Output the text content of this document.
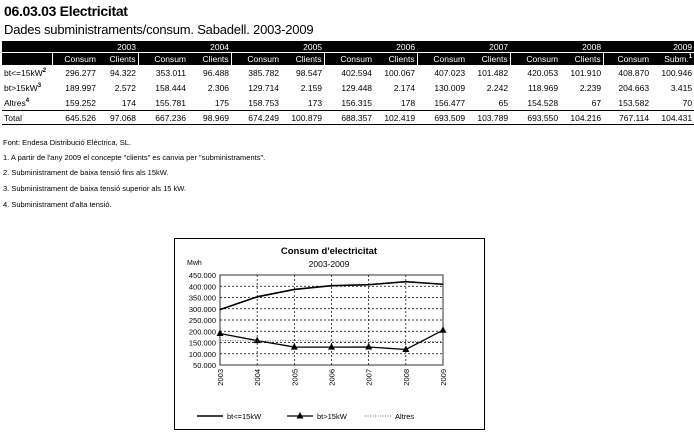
06.03.03 Electricitat
Dades subministraments/consum. Sabadell. 2003-2009
	2003		2004		2005		2006		2007		2008		2009	
	Consum	Clients	Consum	Clients	Consum	Clients	Consum	Clients	Consum	Clients	Consum	Clients	Consum	Subm.$^1$
$bt<=15kW^2$	296.277	94.322	353.011	96.488	385.782	98.547	402.594	100.067	407.023	101.482	420.053	101.910	408.870	100.946
$bt>15kW^3$	189.997	2.572	158.444	2.306	129.714	2.159	129.448	2.174	130.009	2.242	118.969	2.239	204.663	3.415
Altres$^4$	159.252	174	155.781	175	158.753	173	156.315	178	156.477	65	154.528	67	153.582	70
Total	645.526	97.068	667.236	98.969	674.249	100.879	688.357	102.419	693.509	103.789	693.550	104.216	767.114	104.431
Font: Endesa Distribució Elèctrica, SL.
1. A partir de l'any 2009 el concepte "clients" es canvia per "subministraments".
2. Subministrament de baixa tensió fins als 15kW.
3. Subministrament de baixa tensió superior als 15 kW.
4. Subministrament d'alta tensió.
Consum d'electricitat
2003-2009
Mwh
450.000
400.000
350.000
300.000
250.000
200.000
150.000
100.000
50.000
2003	2004	2005	2006	2007	2008	2009
bt<=15kW	bt>15kW	Altres
